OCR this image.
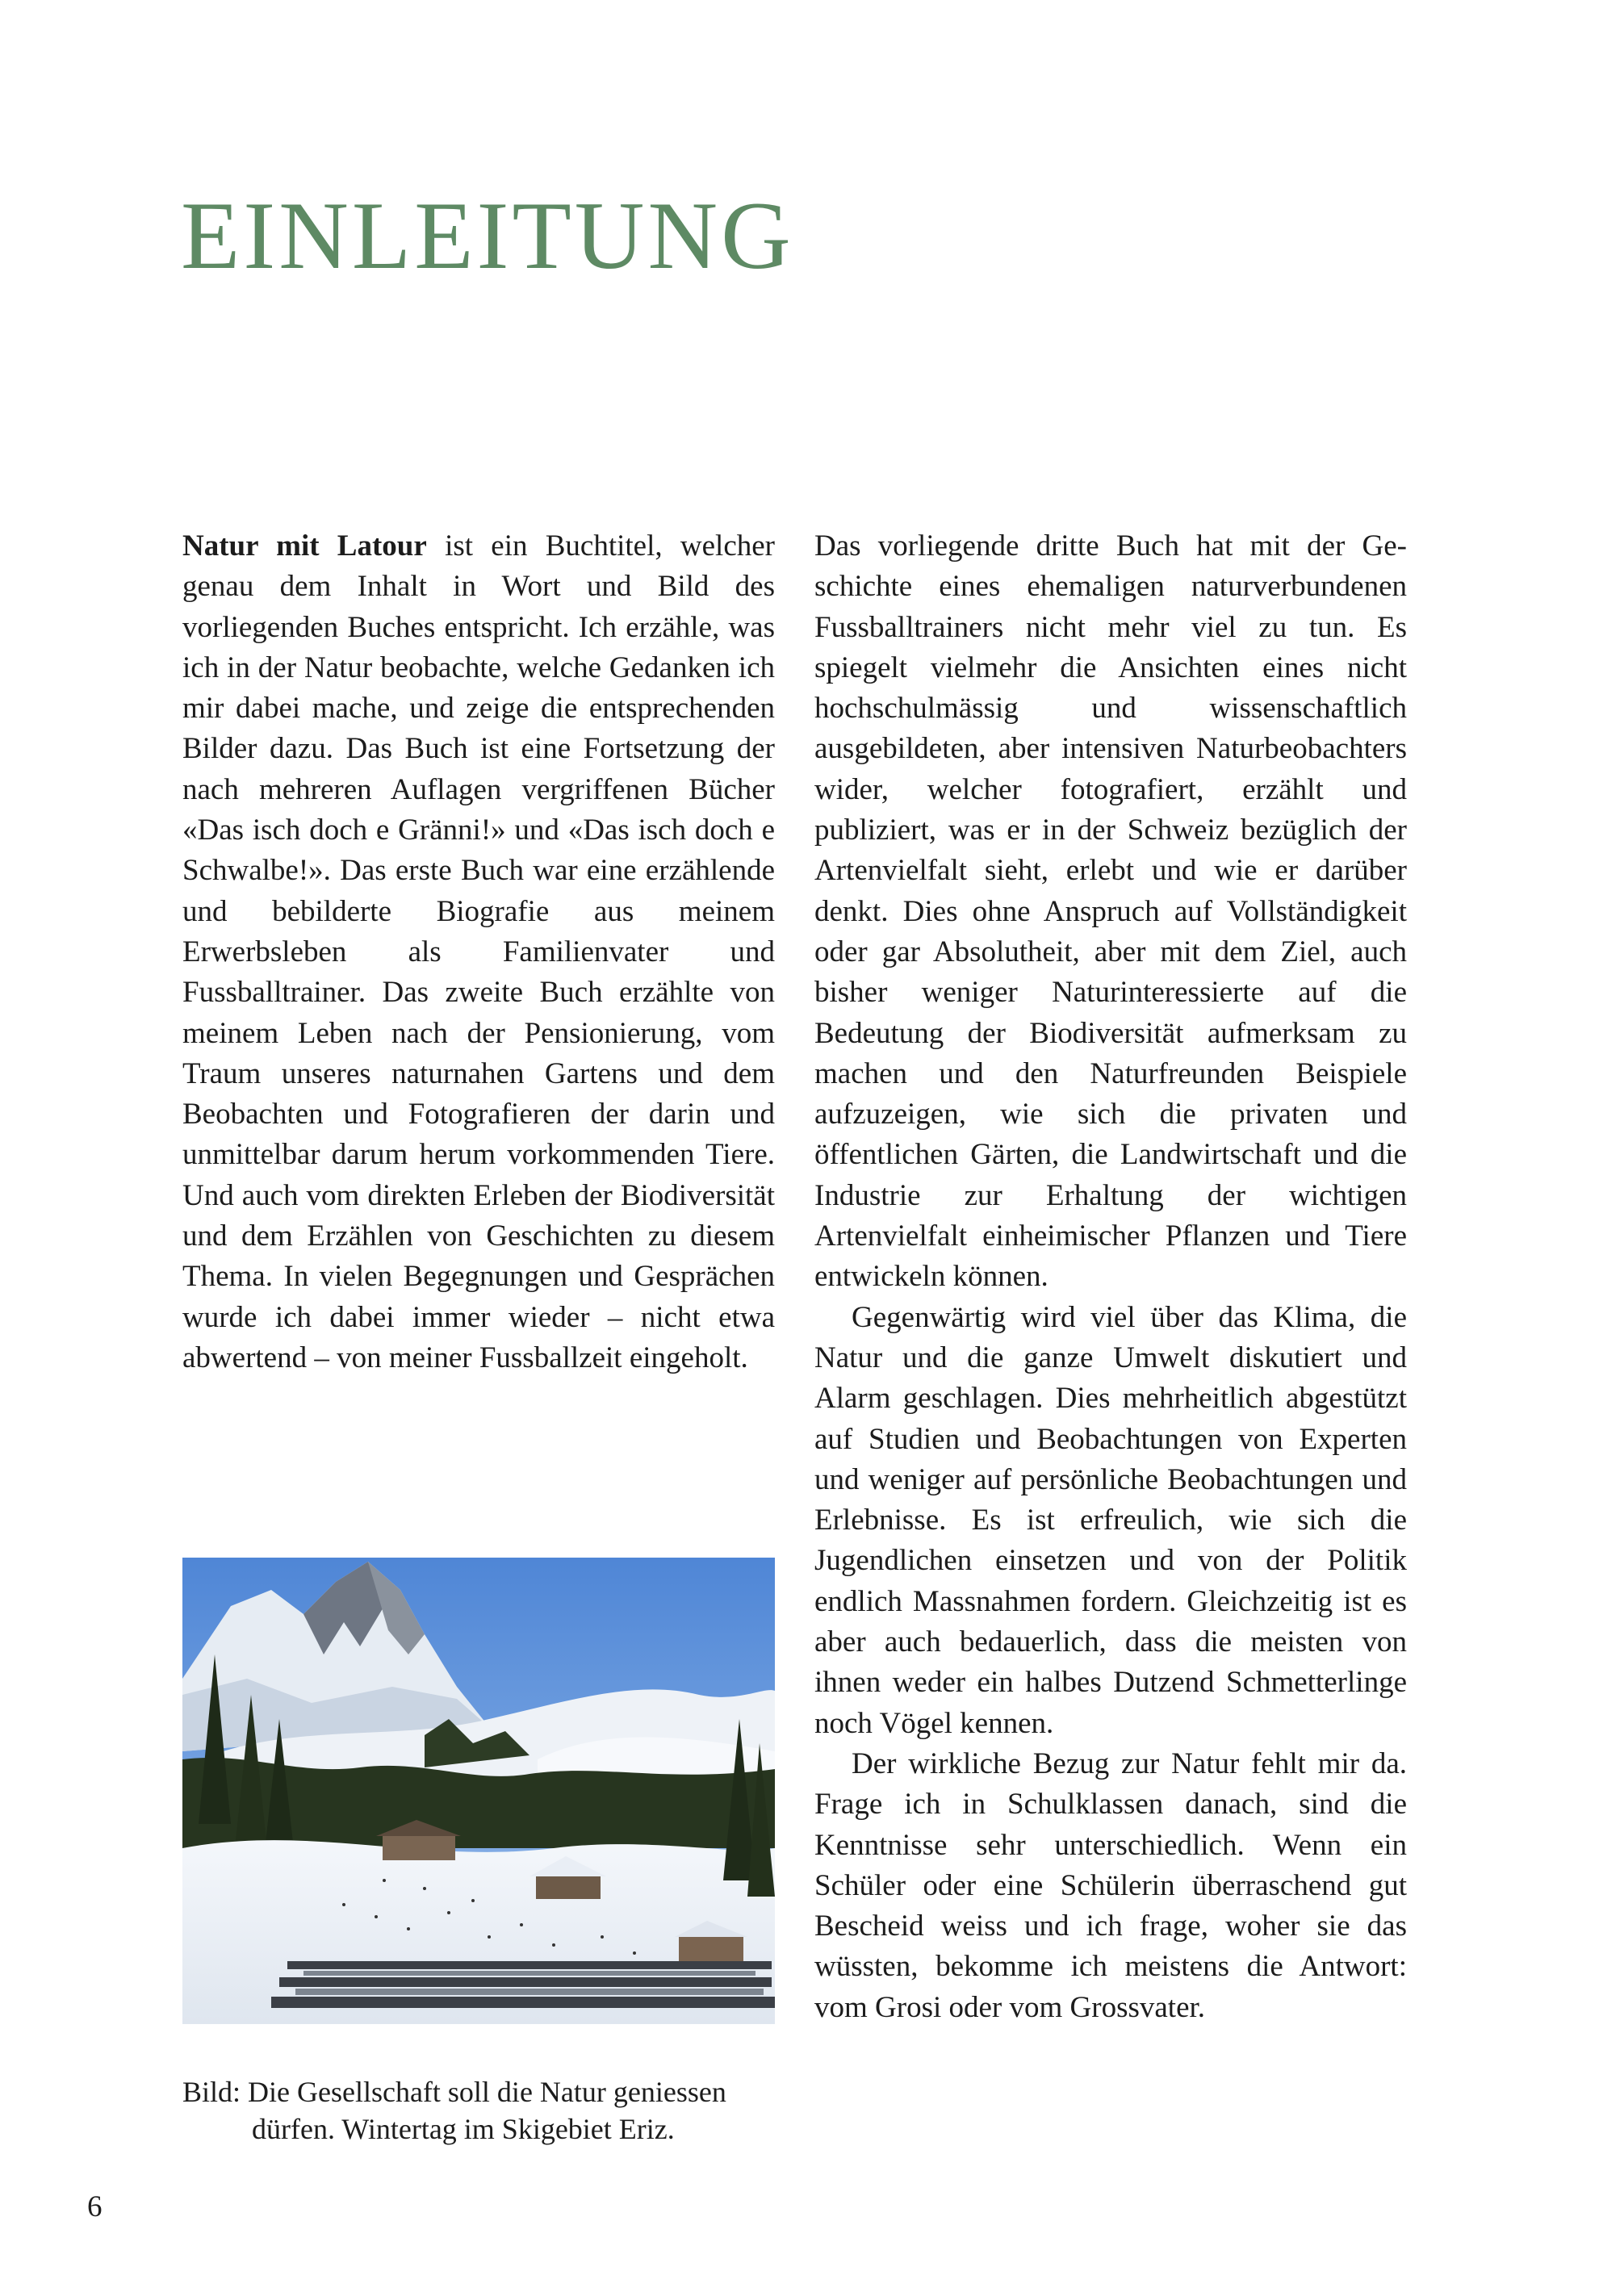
EINLEITUNG

Natur mit Latour ist ein Buchtitel, welcher genau dem Inhalt in Wort und Bild des vorliegenden Buches entspricht. Ich erzähle, was ich in der Natur beobachte, welche Gedanken ich mir dabei mache, und zeige die entsprechenden Bilder dazu. Das Buch ist eine Fortsetzung der nach mehreren Auflagen vergriffenen Bücher «Das isch doch e Gränni!» und «Das isch doch e Schwalbe!». Das erste Buch war eine erzählende und bebilderte Biografie aus meinem Erwerbsleben als Familienvater und Fussballtrainer. Das zweite Buch erzählte von meinem Leben nach der Pensionierung, vom Traum unseres naturnahen Gartens und dem Beobachten und Fotografieren der darin und unmittelbar darum herum vorkommenden Tiere. Und auch vom direkten Erleben der Biodiversität und dem Erzählen von Geschichten zu diesem Thema. In vielen Begegnungen und Gesprächen wurde ich dabei immer wieder – nicht etwa abwertend – von meiner Fussballzeit eingeholt.

Bild: Die Gesellschaft soll die Natur geniessen
dürfen. Wintertag im Skigebiet Eriz.

Das vorliegende dritte Buch hat mit der Geschichte eines ehemaligen naturverbundenen Fussballtrainers nicht mehr viel zu tun. Es spiegelt vielmehr die Ansichten eines nicht hochschulmässig und wissenschaftlich ausgebildeten, aber intensiven Naturbeobachters wider, welcher fotografiert, erzählt und publiziert, was er in der Schweiz bezüglich der Artenvielfalt sieht, erlebt und wie er darüber denkt. Dies ohne Anspruch auf Vollständigkeit oder gar Absolutheit, aber mit dem Ziel, auch bisher weniger Naturinteressierte auf die Bedeutung der Biodiversität aufmerksam zu machen und den Naturfreunden Beispiele aufzuzeigen, wie sich die privaten und öffentlichen Gärten, die Landwirtschaft und die Industrie zur Erhaltung der wichtigen Artenvielfalt einheimischer Pflanzen und Tiere entwickeln können.

Gegenwärtig wird viel über das Klima, die Natur und die ganze Umwelt diskutiert und Alarm geschlagen. Dies mehrheitlich abgestützt auf Studien und Beobachtungen von Experten und weniger auf persönliche Beobachtungen und Erlebnisse. Es ist erfreulich, wie sich die Jugendlichen einsetzen und von der Politik endlich Massnahmen fordern. Gleichzeitig ist es aber auch bedauerlich, dass die meisten von ihnen weder ein halbes Dutzend Schmetterlinge noch Vögel kennen.

Der wirkliche Bezug zur Natur fehlt mir da. Frage ich in Schulklassen danach, sind die Kenntnisse sehr unterschiedlich. Wenn ein Schüler oder eine Schülerin überraschend gut Bescheid weiss und ich frage, woher sie das wüssten, bekomme ich meistens die Antwort: vom Grosi oder vom Grossvater.

6
